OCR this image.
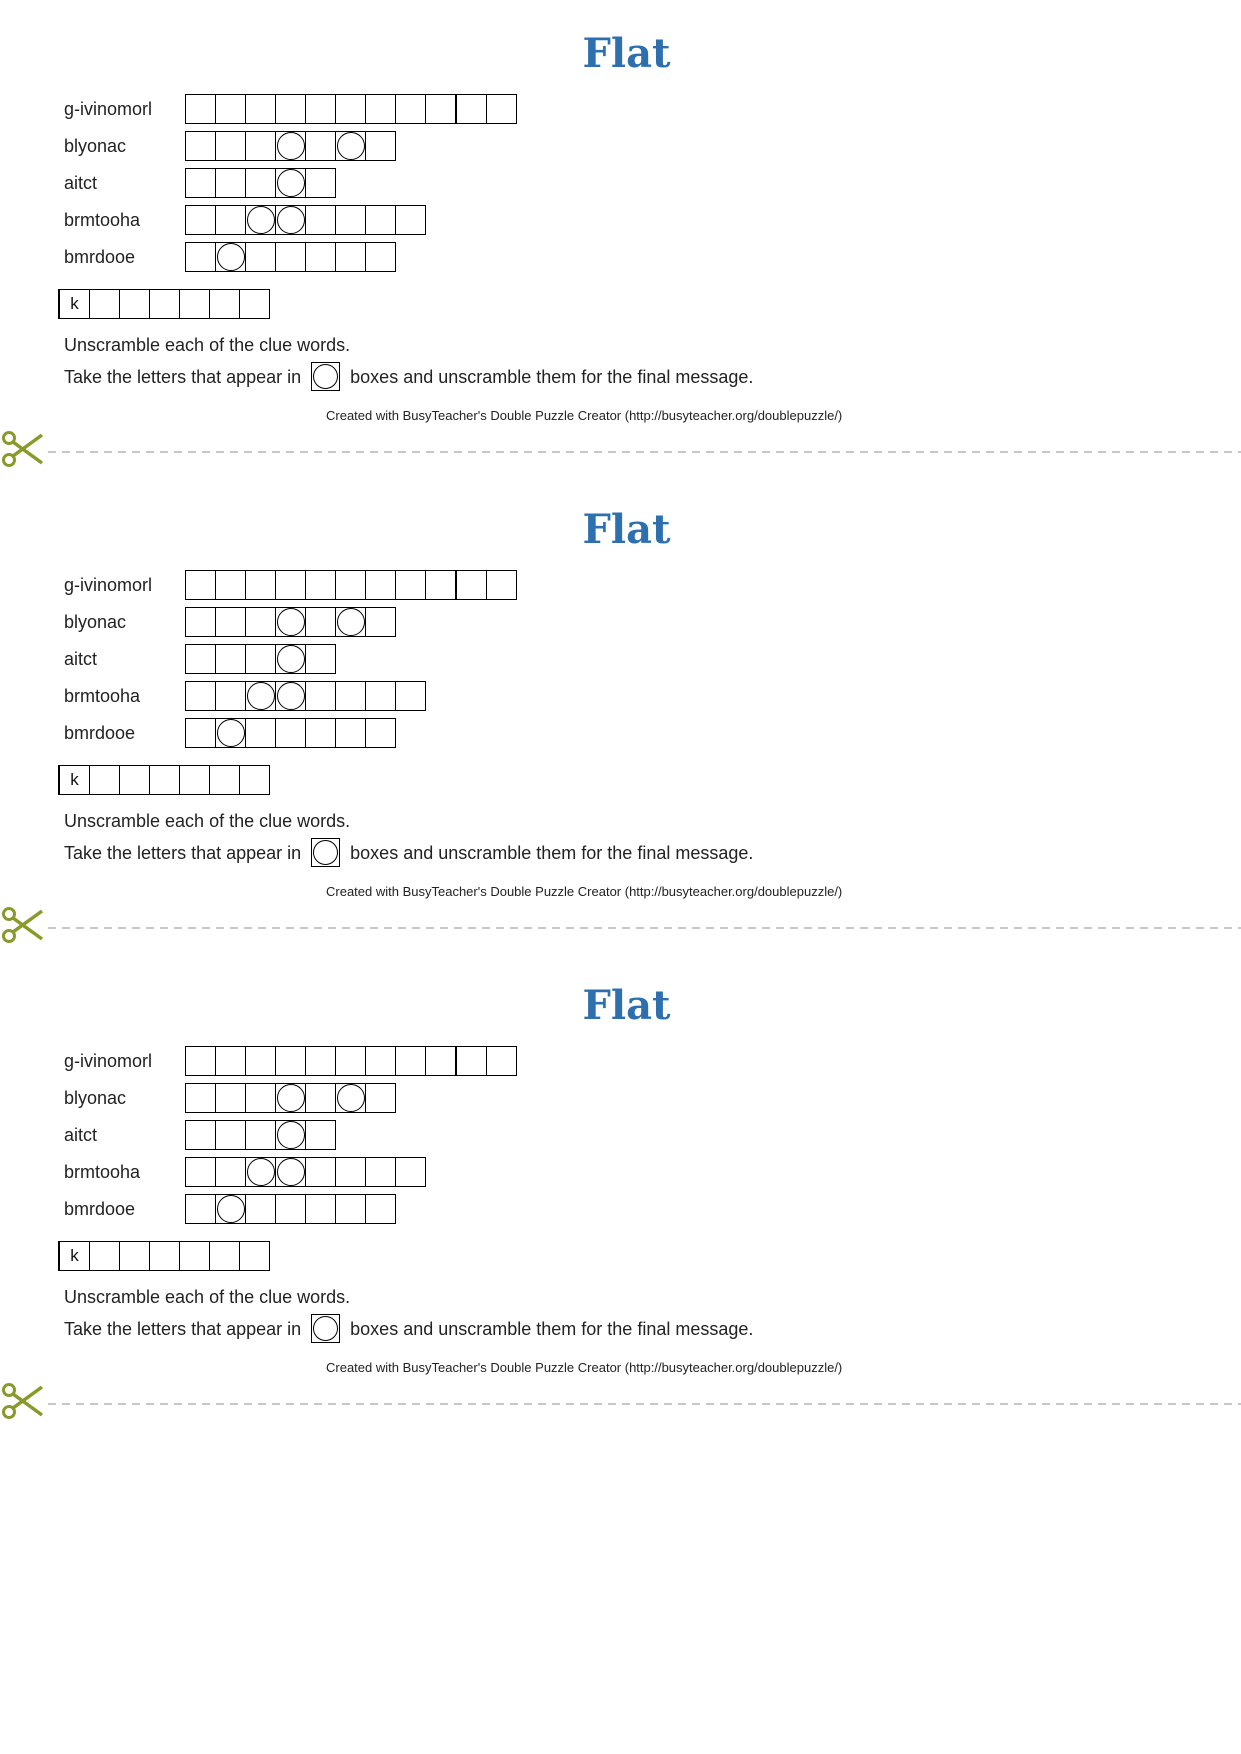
Flat
g-ivinomorl
blyonac
aitct
brmtooha
bmrdooe
k
Unscramble each of the clue words.
Take the letters that appear in	boxes and unscramble them for the final message.
Created with BusyTeacher's Double Puzzle Creator (http://busyteacher.org/doublepuzzle/)
Flat
g-ivinomorl
blyonac
aitct
brmtooha
bmrdooe
k
Unscramble each of the clue words.
Take the letters that appear in	boxes and unscramble them for the final message.
Created with BusyTeacher's Double Puzzle Creator (http://busyteacher.org/doublepuzzle/)
Flat
g-ivinomorl
blyonac
aitct
brmtooha
bmrdooe
k
Unscramble each of the clue words.
Take the letters that appear in	boxes and unscramble them for the final message.
Created with BusyTeacher's Double Puzzle Creator (http://busyteacher.org/doublepuzzle/)
